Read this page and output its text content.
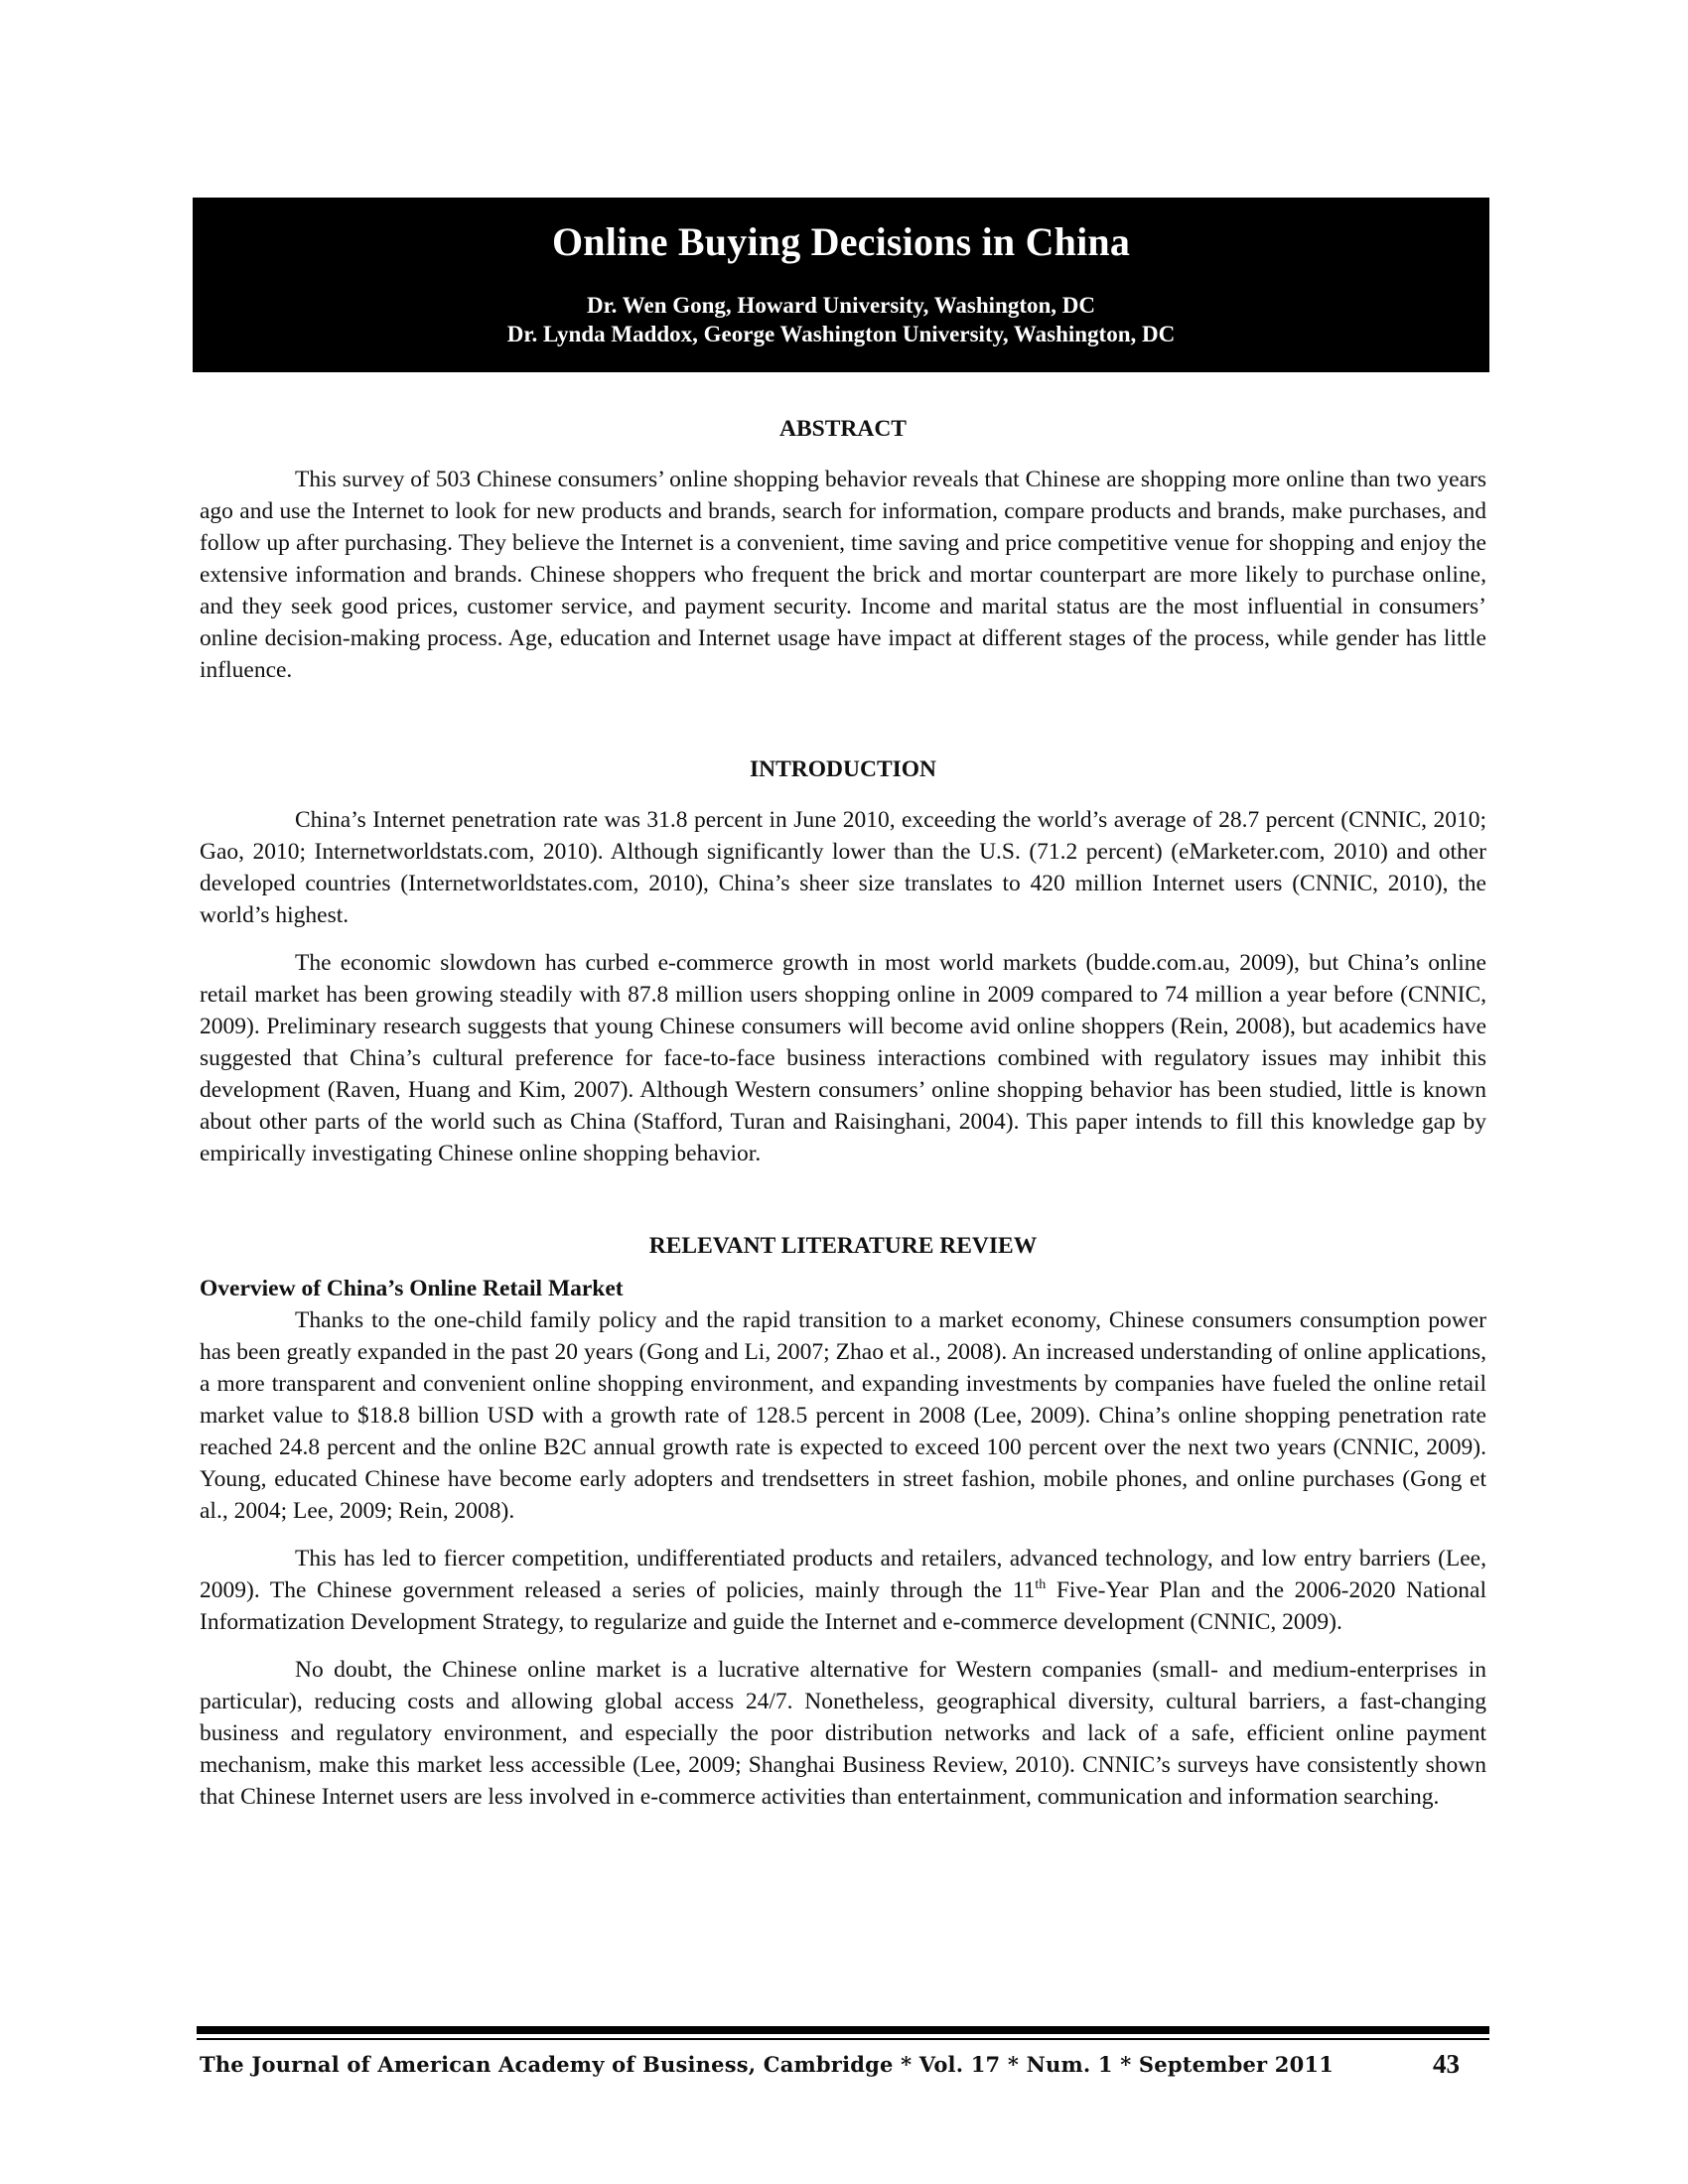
Online Buying Decisions in China
Dr. Wen Gong, Howard University, Washington, DC
Dr. Lynda Maddox, George Washington University, Washington, DC
ABSTRACT

This survey of 503 Chinese consumers’ online shopping behavior reveals that Chinese are shopping more online than two years ago and use the Internet to look for new products and brands, search for information, compare products and brands, make purchases, and follow up after purchasing. They believe the Internet is a convenient, time saving and price competitive venue for shopping and enjoy the extensive information and brands. Chinese shoppers who frequent the brick and mortar counterpart are more likely to purchase online, and they seek good prices, customer service, and payment security. Income and marital status are the most influential in consumers’ online decision-making process. Age, education and Internet usage have impact at different stages of the process, while gender has little influence.

INTRODUCTION

China’s Internet penetration rate was 31.8 percent in June 2010, exceeding the world’s average of 28.7 percent (CNNIC, 2010; Gao, 2010; Internetworldstats.com, 2010). Although significantly lower than the U.S. (71.2 percent) (eMarketer.com, 2010) and other developed countries (Internetworldstates.com, 2010), China’s sheer size translates to 420 million Internet users (CNNIC, 2010), the world’s highest.

The economic slowdown has curbed e-commerce growth in most world markets (budde.com.au, 2009), but China’s online retail market has been growing steadily with 87.8 million users shopping online in 2009 compared to 74 million a year before (CNNIC, 2009). Preliminary research suggests that young Chinese consumers will become avid online shoppers (Rein, 2008), but academics have suggested that China’s cultural preference for face-to-face business interactions combined with regulatory issues may inhibit this development (Raven, Huang and Kim, 2007). Although Western consumers’ online shopping behavior has been studied, little is known about other parts of the world such as China (Stafford, Turan and Raisinghani, 2004). This paper intends to fill this knowledge gap by empirically investigating Chinese online shopping behavior.

RELEVANT LITERATURE REVIEW
Overview of China’s Online Retail Market

Thanks to the one-child family policy and the rapid transition to a market economy, Chinese consumers consumption power has been greatly expanded in the past 20 years (Gong and Li, 2007; Zhao et al., 2008). An increased understanding of online applications, a more transparent and convenient online shopping environment, and expanding investments by companies have fueled the online retail market value to $18.8 billion USD with a growth rate of 128.5 percent in 2008 (Lee, 2009). China’s online shopping penetration rate reached 24.8 percent and the online B2C annual growth rate is expected to exceed 100 percent over the next two years (CNNIC, 2009). Young, educated Chinese have become early adopters and trendsetters in street fashion, mobile phones, and online purchases (Gong et al., 2004; Lee, 2009; Rein, 2008).

This has led to fiercer competition, undifferentiated products and retailers, advanced technology, and low entry barriers (Lee, 2009). The Chinese government released a series of policies, mainly through the 11th Five-Year Plan and the 2006-2020 National Informatization Development Strategy, to regularize and guide the Internet and e-commerce development (CNNIC, 2009).

No doubt, the Chinese online market is a lucrative alternative for Western companies (small- and medium-enterprises in particular), reducing costs and allowing global access 24/7. Nonetheless, geographical diversity, cultural barriers, a fast-changing business and regulatory environment, and especially the poor distribution networks and lack of a safe, efficient online payment mechanism, make this market less accessible (Lee, 2009; Shanghai Business Review, 2010). CNNIC’s surveys have consistently shown that Chinese Internet users are less involved in e-commerce activities than entertainment, communication and information searching.

The Journal of American Academy of Business, Cambridge * Vol. 17 * Num. 1 * September 2011	43
